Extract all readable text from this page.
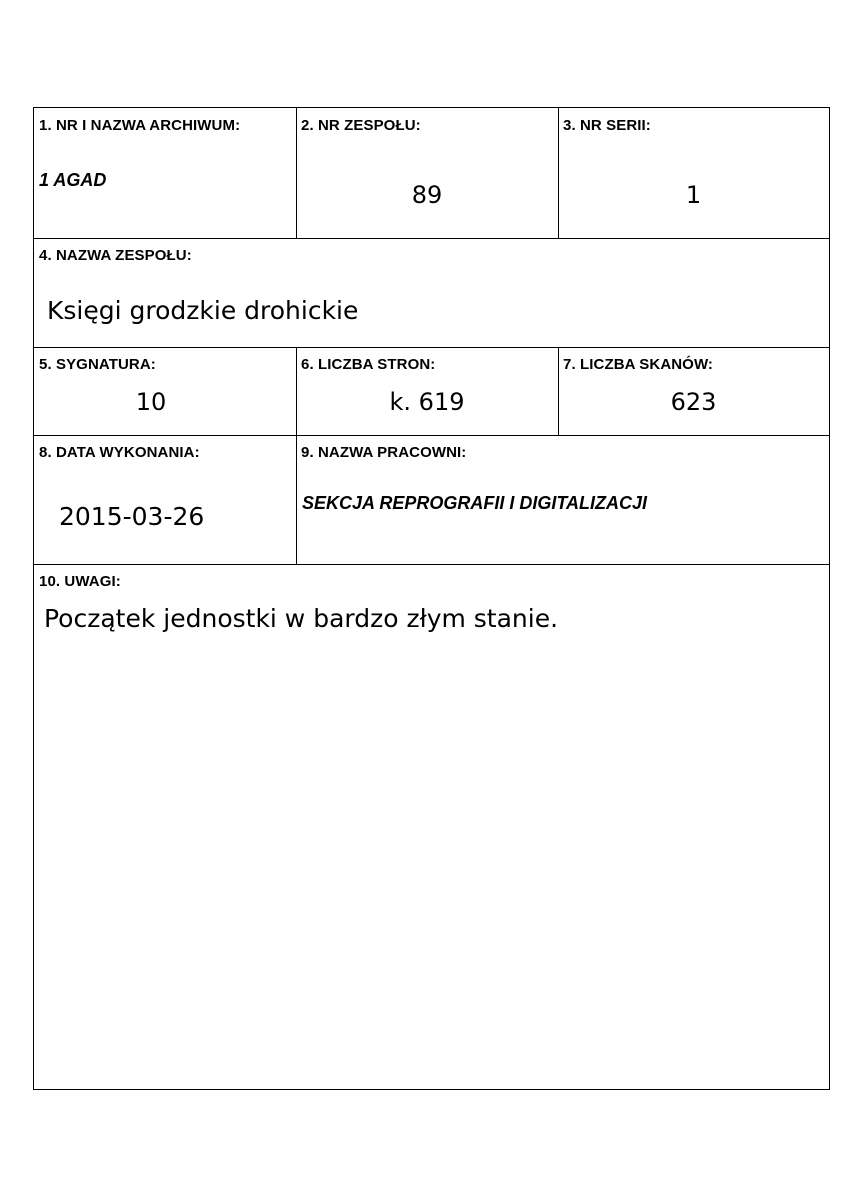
1. NR I NAZWA ARCHIWUM:
1 AGAD
2. NR ZESPOŁU:
89
3. NR SERII:
1
4. NAZWA ZESPOŁU:
Księgi grodzkie drohickie
5. SYGNATURA:
10
6. LICZBA STRON:
k. 619
7. LICZBA SKANÓW:
623
8. DATA WYKONANIA:
2015-03-26
9. NAZWA PRACOWNI:
SEKCJA REPROGRAFII I DIGITALIZACJI
10. UWAGI:
Początek jednostki w bardzo złym stanie.
